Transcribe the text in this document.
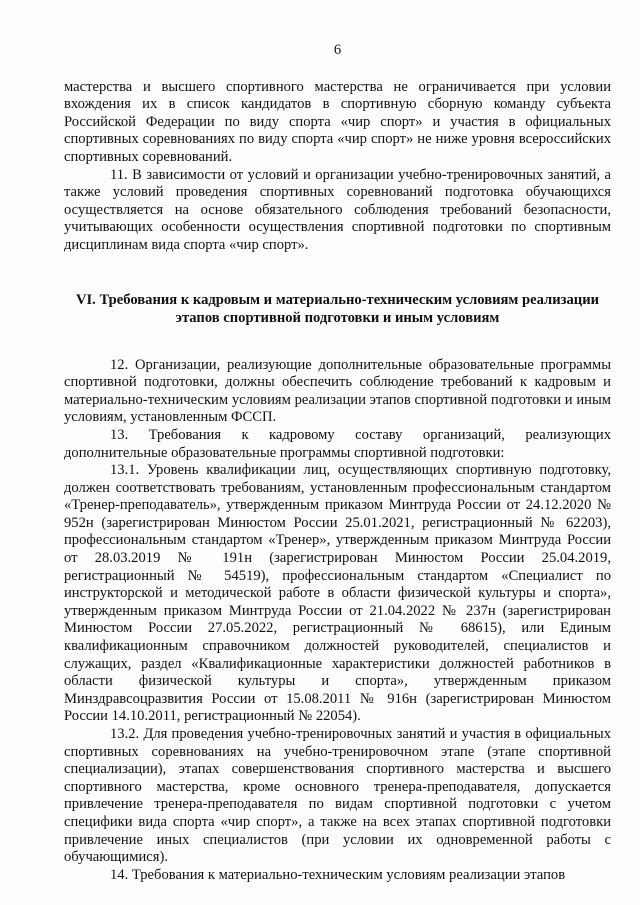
6

мастерства и высшего спортивного мастерства не ограничивается при условии вхождения их в список кандидатов в спортивную сборную команду субъекта Российской Федерации по виду спорта «чир спорт» и участия в официальных спортивных соревнованиях по виду спорта «чир спорт» не ниже уровня всероссийских спортивных соревнований.

11. В зависимости от условий и организации учебно-тренировочных занятий, а также условий проведения спортивных соревнований подготовка обучающихся осуществляется на основе обязательного соблюдения требований безопасности, учитывающих особенности осуществления спортивной подготовки по спортивным дисциплинам вида спорта «чир спорт».

VI. Требования к кадровым и материально-техническим условиям реализации этапов спортивной подготовки и иным условиям

12. Организации, реализующие дополнительные образовательные программы спортивной подготовки, должны обеспечить соблюдение требований к кадровым и материально-техническим условиям реализации этапов спортивной подготовки и иным условиям, установленным ФССП.

13. Требования к кадровому составу организаций, реализующих дополнительные образовательные программы спортивной подготовки:

13.1. Уровень квалификации лиц, осуществляющих спортивную подготовку, должен соответствовать требованиям, установленным профессиональным стандартом «Тренер-преподаватель», утвержденным приказом Минтруда России от 24.12.2020 № 952н (зарегистрирован Минюстом России 25.01.2021, регистрационный № 62203), профессиональным стандартом «Тренер», утвержденным приказом Минтруда России от 28.03.2019 № 191н (зарегистрирован Минюстом России 25.04.2019, регистрационный № 54519), профессиональным стандартом «Специалист по инструкторской и методической работе в области физической культуры и спорта», утвержденным приказом Минтруда России от 21.04.2022 № 237н (зарегистрирован Минюстом России 27.05.2022, регистрационный № 68615), или Единым квалификационным справочником должностей руководителей, специалистов и служащих, раздел «Квалификационные характеристики должностей работников в области физической культуры и спорта», утвержденным приказом Минздравсоцразвития России от 15.08.2011 № 916н (зарегистрирован Минюстом России 14.10.2011, регистрационный № 22054).

13.2. Для проведения учебно-тренировочных занятий и участия в официальных спортивных соревнованиях на учебно-тренировочном этапе (этапе спортивной специализации), этапах совершенствования спортивного мастерства и высшего спортивного мастерства, кроме основного тренера-преподавателя, допускается привлечение тренера-преподавателя по видам спортивной подготовки с учетом специфики вида спорта «чир спорт», а также на всех этапах спортивной подготовки привлечение иных специалистов (при условии их одновременной работы с обучающимися).

14. Требования к материально-техническим условиям реализации этапов
